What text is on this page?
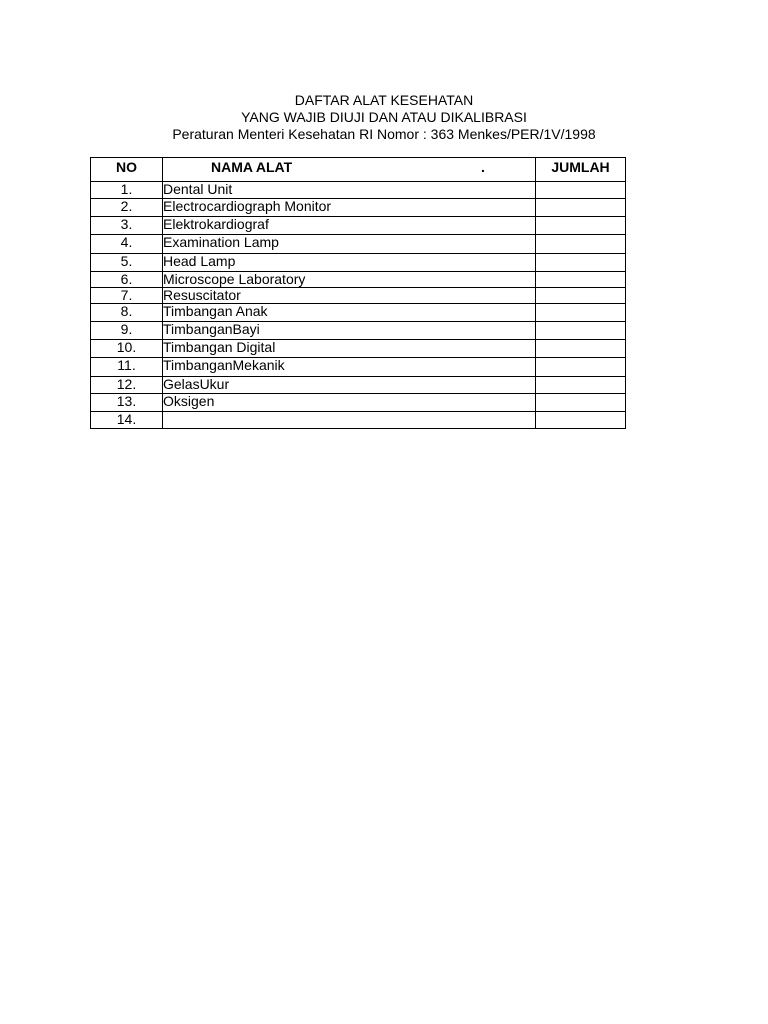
DAFTAR ALAT KESEHATAN
YANG WAJIB DIUJI DAN ATAU DIKALIBRASI
Peraturan Menteri Kesehatan RI Nomor : 363 Menkes/PER/1V/1998
NO	NAMA ALAT .	JUMLAH
1.	Dental Unit	
2.	Electrocardiograph Monitor	
3.	Elektrokardiograf	
4.	Examination Lamp	
5.	Head Lamp	
6.	Microscope Laboratory	
7.	Resuscitator	
8.	Timbangan Anak	
9.	TimbanganBayi	
10.	Timbangan Digital	
11.	TimbanganMekanik	
12.	GelasUkur	
13.	Oksigen	
14.		
